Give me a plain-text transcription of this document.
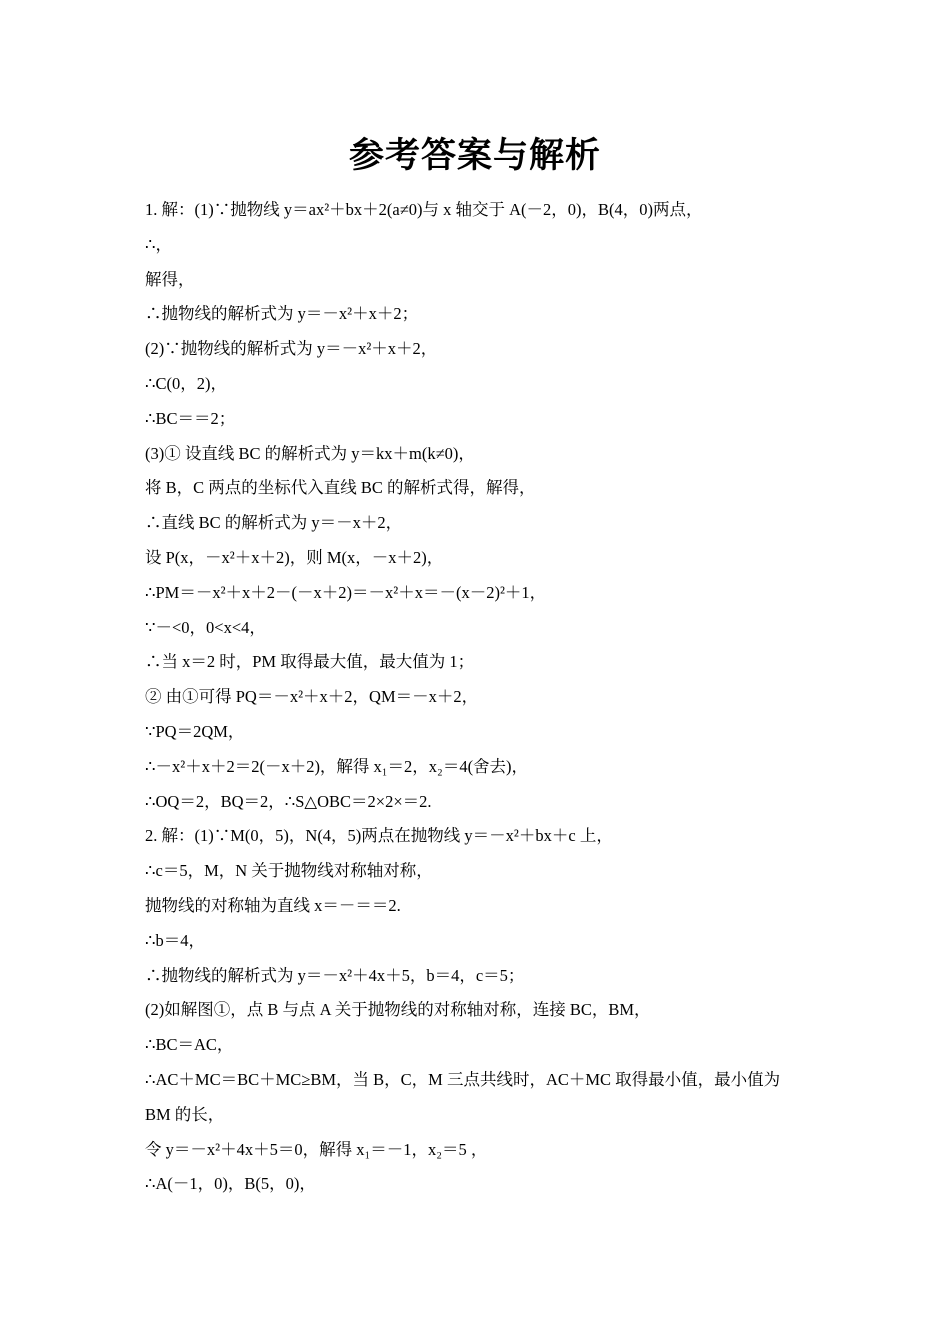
参考答案与解析
1. 解：(1)∵抛物线 y＝ax²＋bx＋2(a≠0)与 x 轴交于 A(－2，0)，B(4，0)两点，
∴，
解得，
∴抛物线的解析式为 y＝－x²＋x＋2；
(2)∵抛物线的解析式为 y＝－x²＋x＋2，
∴C(0，2)，
∴BC＝＝2；
(3)① 设直线 BC 的解析式为 y＝kx＋m(k≠0)，
将 B，C 两点的坐标代入直线 BC 的解析式得，解得，
∴直线 BC 的解析式为 y＝－x＋2，
设 P(x，－x²＋x＋2)，则 M(x，－x＋2)，
∴PM＝－x²＋x＋2－(－x＋2)＝－x²＋x＝－(x－2)²＋1，
∵－<0，0<x<4，
∴当 x＝2 时，PM 取得最大值，最大值为 1；
② 由①可得 PQ＝－x²＋x＋2，QM＝－x＋2，
∵PQ＝2QM，
∴－x²＋x＋2＝2(－x＋2)，解得 x₁＝2，x₂＝4(舍去)，
∴OQ＝2，BQ＝2，∴S△OBC＝2×2×＝2.
2. 解：(1)∵M(0，5)，N(4，5)两点在抛物线 y＝－x²＋bx＋c 上，
∴c＝5，M，N 关于抛物线对称轴对称，
抛物线的对称轴为直线 x＝－＝＝2.
∴b＝4，
∴抛物线的解析式为 y＝－x²＋4x＋5，b＝4，c＝5；
(2)如解图①，点 B 与点 A 关于抛物线的对称轴对称，连接 BC，BM，
∴BC＝AC，
∴AC＋MC＝BC＋MC≥BM，当 B，C，M 三点共线时，AC＋MC 取得最小值，最小值为
BM 的长，
令 y＝－x²＋4x＋5＝0，解得 x₁＝－1，x₂＝5 ，
∴A(－1，0)，B(5，0)，
